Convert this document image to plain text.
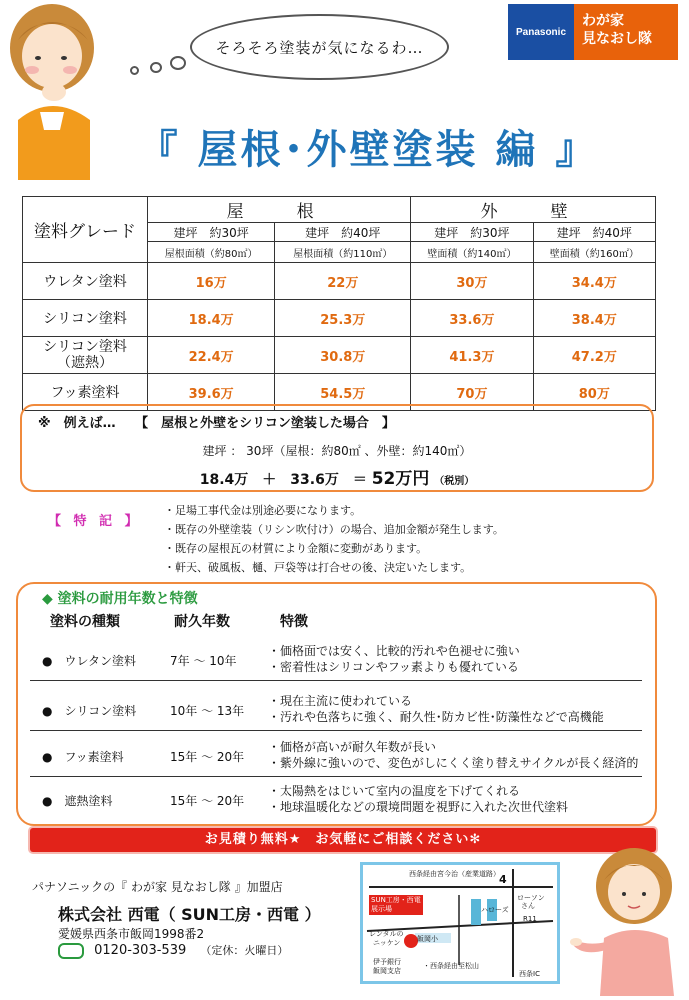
そろそろ塗装が気になるわ…
Panasonic
わが家
見なおし隊
『 屋根･外壁塗装 編 』
塗料グレード	屋　根		外　壁	
	建坪　約30坪	建坪　約40坪	建坪　約30坪	建坪　約40坪
	屋根面積（約80㎡）	屋根面積（約110㎡）	壁面積（約140㎡）	壁面積（約160㎡）
ウレタン塗料	16万	22万	30万	34.4万
シリコン塗料	18.4万	25.3万	33.6万	38.4万

シリコン塗料
（遮熱）	22.4万	30.8万	41.3万	47.2万
フッ素塗料	39.6万	54.5万	70万	80万
※　例えば…　　【　屋根と外壁をシリコン塗装した場合　】
建坪 ： 30坪（屋根：約80㎡ 、外壁：約140㎡）
18.4万　＋　33.6万　＝ 52万円 （税別）
【 特 記 】
・足場工事代金は別途必要になります。
・既存の外壁塗装（リシン吹付け）の場合、追加金額が発生します。
・既存の屋根瓦の材質により金額に変動があります。
・軒天、破風板、樋、戸袋等は打合せの後、決定いたします。
◆ 塗料の耐用年数と特徴
塗料の種類	耐久年数	特徴
●　ウレタン塗料	7年 ～ 10年
・価格面では安く、比較的汚れや色褪せに強い
・密着性はシリコンやフッ素よりも優れている
●　シリコン塗料	10年 ～ 13年
・現在主流に使われている
・汚れや色落ちに強く、耐久性･防カビ性･防藻性などで高機能
●　フッ素塗料	15年 ～ 20年
・価格が高いが耐久年数が長い
・紫外線に強いので、変色がしにくく塗り替えサイクルが長く経済的
●　遮熱塗料	15年 ～ 20年
・太陽熱をはじいて室内の温度を下げてくれる
・地球温暖化などの環境問題を視野に入れた次世代塗料
お見積り無料★　お気軽にご相談ください✻
パナソニックの『 わが家 見なおし隊 』加盟店
株式会社 西電（ SUN工房・西電 ）
愛媛県西条市飯岡1998番2
0120-303-539 （定休：火曜日）
西条経由宮今治（産業道路） 4
ローソン
さん
SUN工房・西電 展示場
レンタルの
ニッケン 飯岡小
ハローズ
R11
伊予銀行
飯岡支店
・西条経由至松山
西条IC
